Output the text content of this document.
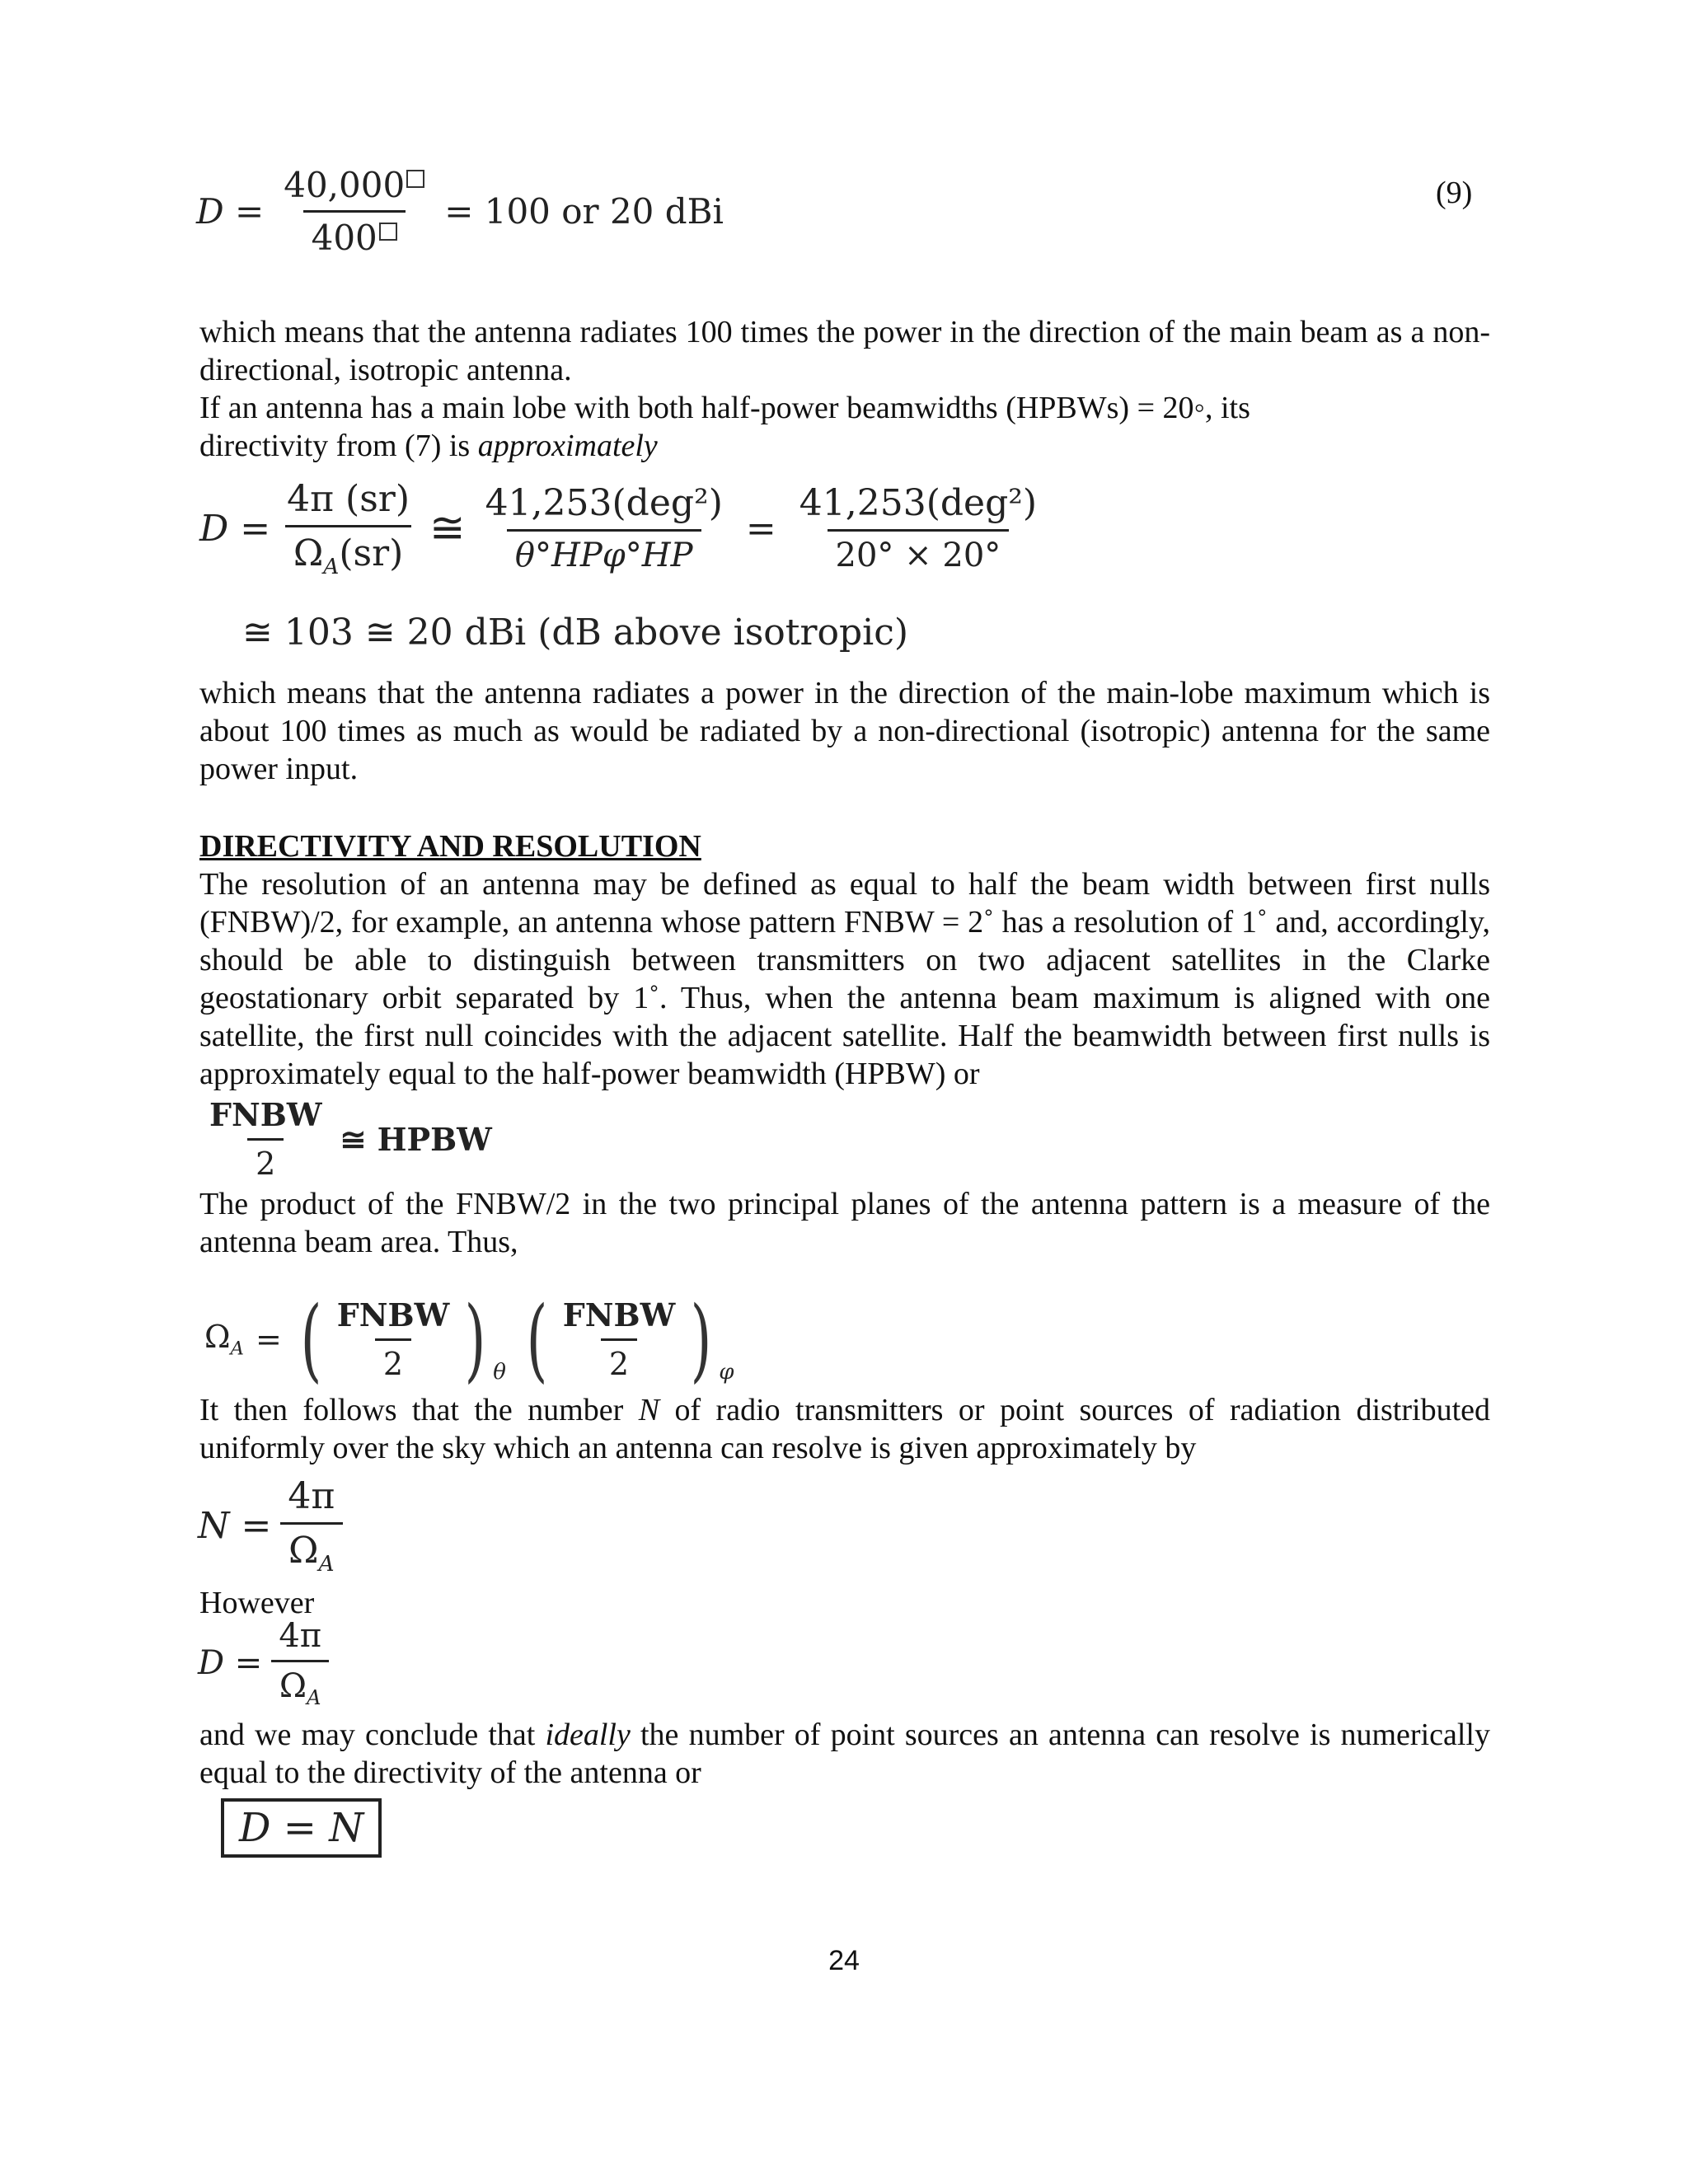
$D = \frac{40,000}{400} = 100$ or 20 dBi	(9)

which means that the antenna radiates 100 times the power in the direction of the main beam as a non-directional, isotropic antenna.

If an antenna has a main lobe with both half-power beamwidths (HPBWs) = 20◦, its

directivity from (7) is approximately

$D = \frac{4\pi (sr)}{\Omega_A(sr)}$ ≅ $\frac{\text{41,253(deg²)}}{\text{θ°HPφ°HP}} = \frac{\text{41,253(deg²)}}{20^\circ \times 20^\circ}$
≅ 103 ≅ 20 dBi (dB above isotropic)

which means that the antenna radiates a power in the direction of the main-lobe maximum which is about 100 times as much as would be radiated by a non-directional (isotropic) antenna for the same power input.

DIRECTIVITY AND RESOLUTION

The resolution of an antenna may be defined as equal to half the beam width between first nulls (FNBW)/2, for example, an antenna whose pattern FNBW = 2˚ has a resolution of 1˚ and, accordingly, should be able to distinguish between transmitters on two adjacent satellites in the Clarke geostationary orbit separated by 1˚. Thus, when the antenna beam maximum is aligned with one satellite, the first null coincides with the adjacent satellite. Half the beamwidth between first nulls is approximately equal to the half-power beamwidth (HPBW) or

$\frac{\text{FNBW}}{2}$ ≅ HPBW

The product of the FNBW/2 in the two principal planes of the antenna pattern is a measure of the antenna beam area. Thus,

$\Omega_A$ = ( $\frac{\text{FNBW}}{2}$ ) θ ( $\frac{\text{FNBW}}{2}$ ) φ

It then follows that the number N of radio transmitters or point sources of radiation distributed uniformly over the sky which an antenna can resolve is given approximately by

$N = \frac{4\pi}{\Omega_A}$

However

$D = \frac{4\pi}{\Omega_A}$

and we may conclude that ideally the number of point sources an antenna can resolve is numerically equal to the directivity of the antenna or

D = N
24
